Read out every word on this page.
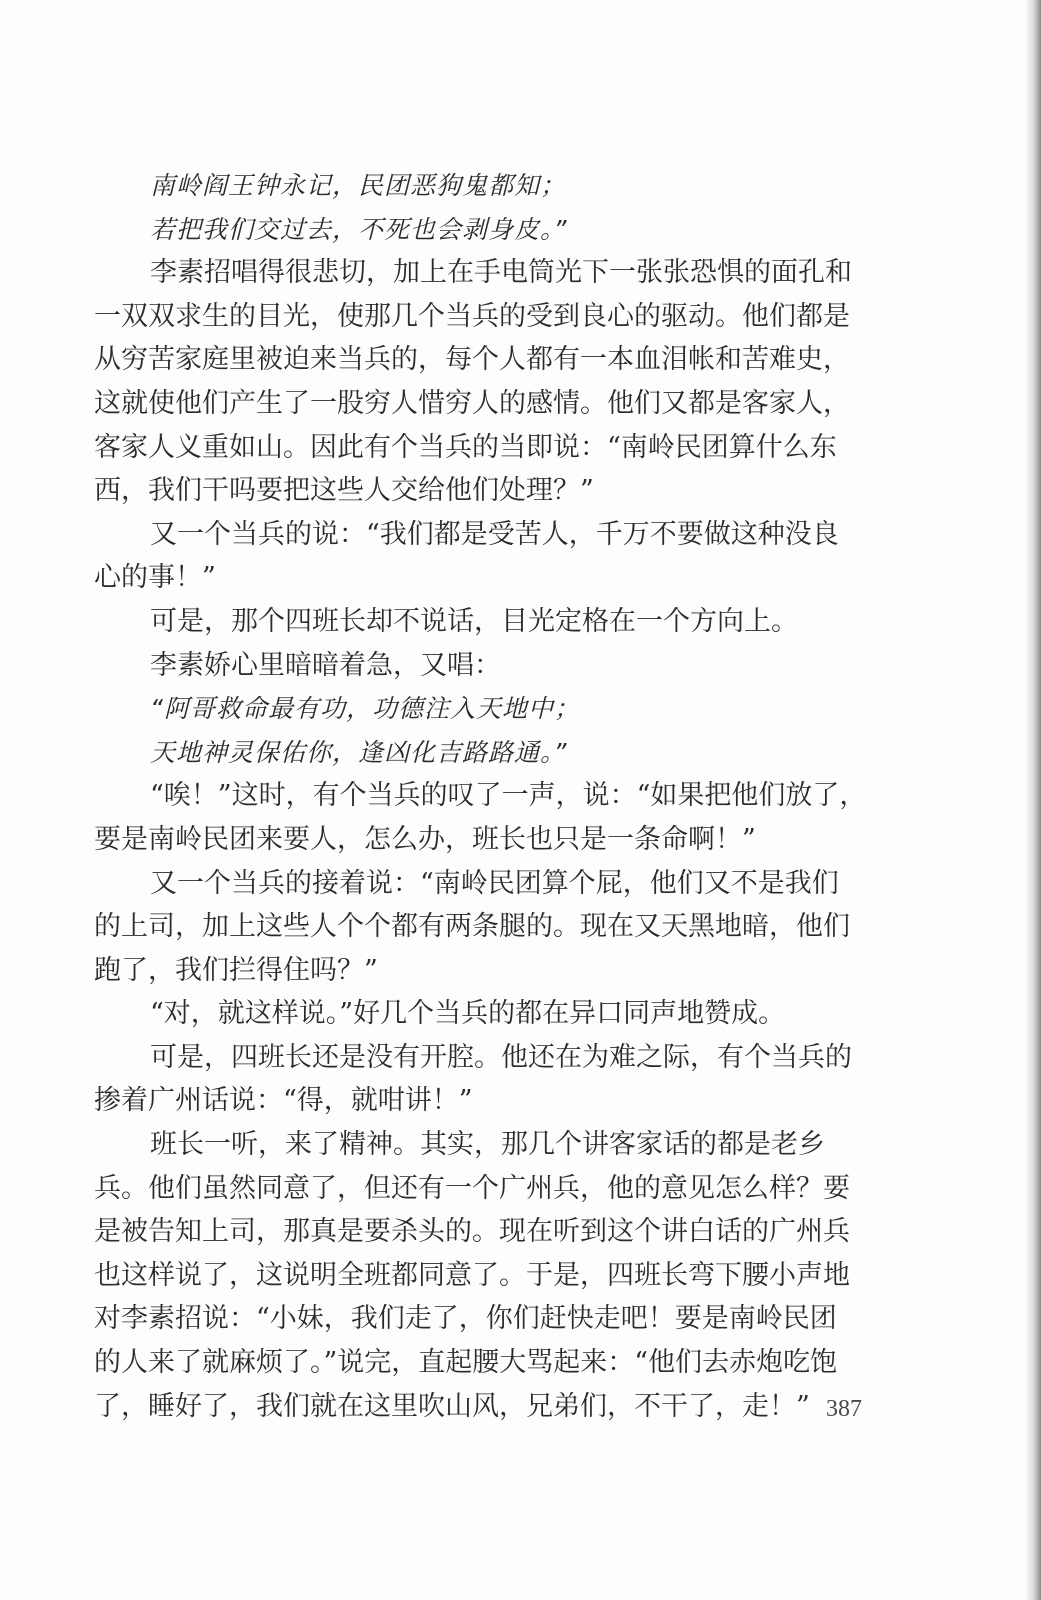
南岭阎王钟永记，民团恶狗鬼都知；
若把我们交过去，不死也会剥身皮。”
李素招唱得很悲切，加上在手电筒光下一张张恐惧的面孔和
一双双求生的目光，使那几个当兵的受到良心的驱动。他们都是
从穷苦家庭里被迫来当兵的，每个人都有一本血泪帐和苦难史，
这就使他们产生了一股穷人惜穷人的感情。他们又都是客家人，
客家人义重如山。因此有个当兵的当即说：“南岭民团算什么东
西，我们干吗要把这些人交给他们处理？”
又一个当兵的说：“我们都是受苦人，千万不要做这种没良
心的事！”
可是，那个四班长却不说话，目光定格在一个方向上。
李素娇心里暗暗着急，又唱：
“阿哥救命最有功，功德注入天地中；
天地神灵保佑你，逢凶化吉路路通。”
“唉！”这时，有个当兵的叹了一声，说：“如果把他们放了，
要是南岭民团来要人，怎么办，班长也只是一条命啊！”
又一个当兵的接着说：“南岭民团算个屁，他们又不是我们
的上司，加上这些人个个都有两条腿的。现在又天黑地暗，他们
跑了，我们拦得住吗？”
“对，就这样说。”好几个当兵的都在异口同声地赞成。
可是，四班长还是没有开腔。他还在为难之际，有个当兵的
掺着广州话说：“得，就咁讲！”
班长一听，来了精神。其实，那几个讲客家话的都是老乡
兵。他们虽然同意了，但还有一个广州兵，他的意见怎么样？要
是被告知上司，那真是要杀头的。现在听到这个讲白话的广州兵
也这样说了，这说明全班都同意了。于是，四班长弯下腰小声地
对李素招说：“小妹，我们走了，你们赶快走吧！要是南岭民团
的人来了就麻烦了。”说完，直起腰大骂起来：“他们去赤炮吃饱
了，睡好了，我们就在这里吹山风，兄弟们，不干了，走！” 387
